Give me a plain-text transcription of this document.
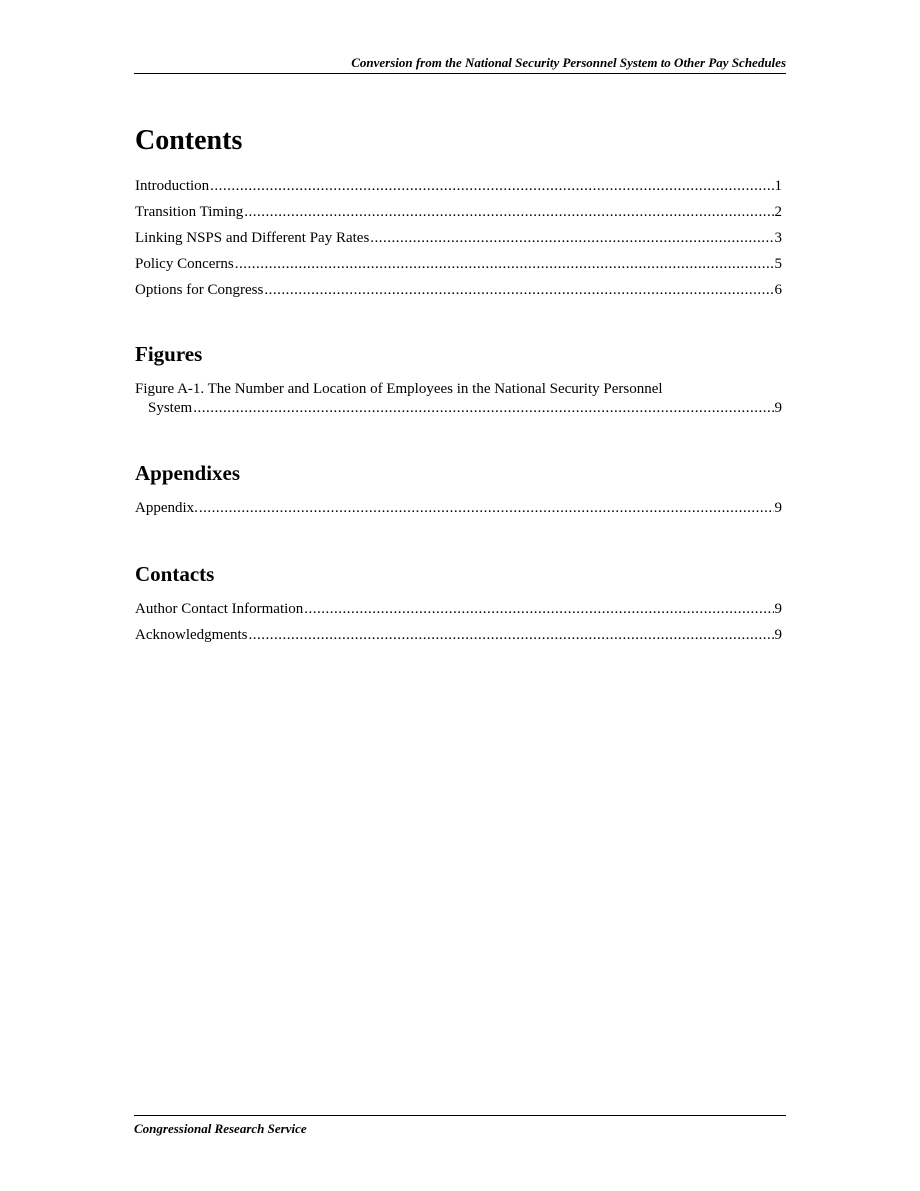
Conversion from the National Security Personnel System to Other Pay Schedules
Contents
Introduction .....	1
Transition Timing .....	2
Linking NSPS and Different Pay Rates .....	3
Policy Concerns .....	5
Options for Congress .....	6
Figures
Figure A-1. The Number and Location of Employees in the National Security Personnel
System .....	9
Appendixes
Appendix. .....	9
Contacts
Author Contact Information .....	9
Acknowledgments .....	9
Congressional Research Service
